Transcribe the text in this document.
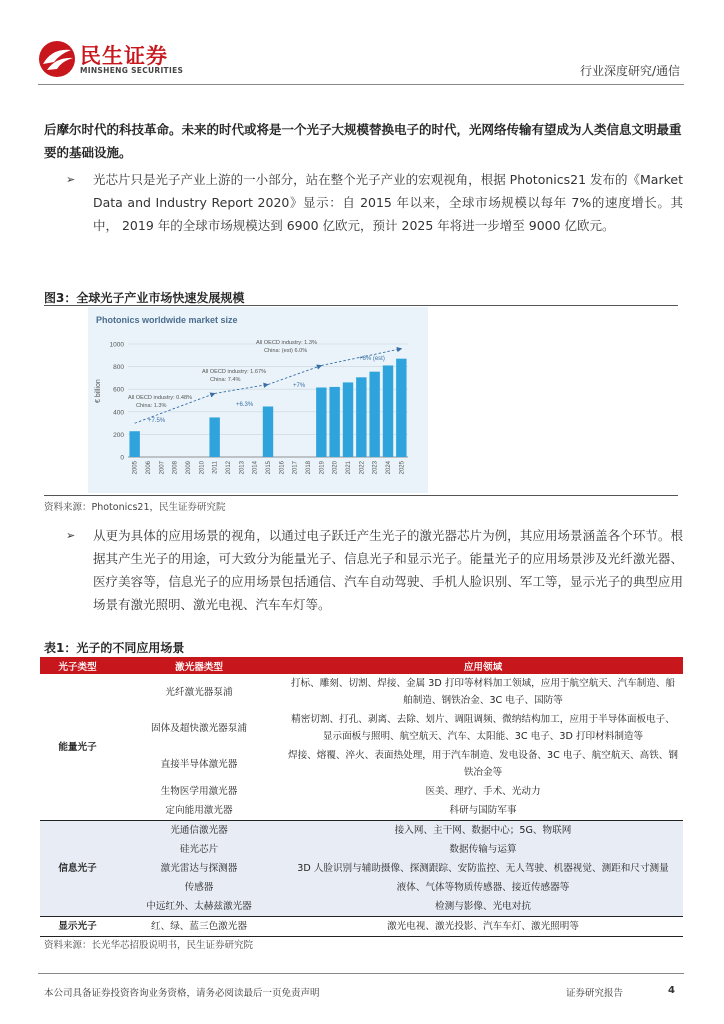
民生证券
MINSHENG SECURITIES	行业深度研究/通信
后摩尔时代的科技革命。未来的时代或将是一个光子大规模替换电子的时代，光网络传输有望成为人类信息文明最重要的基础设施。
➢ 光芯片只是光子产业上游的一小部分，站在整个光子产业的宏观视角，根据 Photonics21 发布的《Market Data and Industry Report 2020》显示：自 2015 年以来，全球市场规模以每年 7%的速度增长。其中， 2019 年的全球市场规模达到 6900 亿欧元，预计 2025 年将进一步增至 9000 亿欧元。
图3：全球光子产业市场快速发展规模
Photonics worldwide market size
€ billion
2005 2006 2007 2008 2009 2010 2011 2012 2013 2014 2015 2016 2017 2018 2019 2020 2021 2022 2023 2024 2025
0
200
400
600
800
1000
All OECD industry: 0.48%
China: 1.3%
All OECD industry: 1.67%
China: 7.4%
All OECD industry: 1.3%
China: (est) 6.0%
+7.5%
+6.3%
+7%
+6% (est)
资料来源：Photonics21，民生证券研究院
➢ 从更为具体的应用场景的视角，以通过电子跃迁产生光子的激光器芯片为例，其应用场景涵盖各个环节。根据其产生光子的用途，可大致分为能量光子、信息光子和显示光子。能量光子的应用场景涉及光纤激光器、医疗美容等，信息光子的应用场景包括通信、汽车自动驾驶、手机人脸识别、军工等，显示光子的典型应用场景有激光照明、激光电视、汽车车灯等。
表1：光子的不同应用场景
光子类型	激光器类型	应用领域
能量光子	光纤激光器泵浦	打标、雕刻、切割、焊接、金属 3D 打印等材料加工领域，应用于航空航天、汽车制造、船舶制造、钢铁冶金、3C 电子、国防等
	固体及超快激光器泵浦	精密切割、打孔、剥离、去除、划片、调阻调频、微纳结构加工，应用于半导体面板电子、显示面板与照明、航空航天、汽车、太阳能、3C 电子、3D 打印材料制造等
	直接半导体激光器	焊接、熔覆、淬火、表面热处理，用于汽车制造、发电设备、3C 电子、航空航天、高铁、钢铁冶金等
	生物医学用激光器	医美、理疗、手术、光动力
	定向能用激光器	科研与国防军事
信息光子	光通信激光器	接入网、主干网、数据中心；5G、物联网
	硅光芯片	数据传输与运算
	激光雷达与探测器	3D 人脸识别与辅助摄像、探测跟踪、安防监控、无人驾驶、机器视觉、测距和尺寸测量
	传感器	液体、气体等物质传感器、接近传感器等
	中远红外、太赫兹激光器	检测与影像、光电对抗
显示光子	红、绿、蓝三色激光器	激光电视、激光投影、汽车车灯、激光照明等
资料来源：长光华芯招股说明书，民生证券研究院
本公司具备证券投资咨询业务资格，请务必阅读最后一页免责声明	证券研究报告	4
